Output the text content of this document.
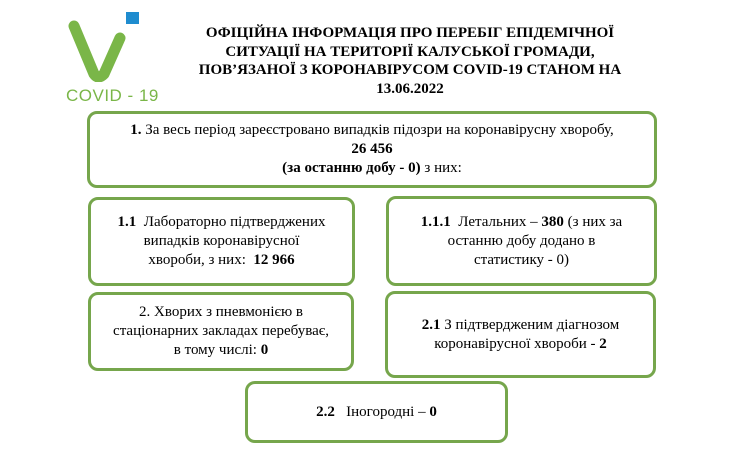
COVID - 19
ОФІЦІЙНА ІНФОРМАЦІЯ ПРО ПЕРЕБІГ ЕПІДЕМІЧНОЇ
СИТУАЦІЇ НА ТЕРИТОРІЇ КАЛУСЬКОЇ ГРОМАДИ,
ПОВ’ЯЗАНОЇ З КОРОНАВІРУСОМ COVID-19 СТАНОМ НА
13.06.2022
1. За весь період зареєстровано випадків підозри на коронавірусну хворобу,
26 456
(за останню добу - 0) з них:
1.1 Лабораторно підтверджених
випадків коронавірусної
хвороби, з них: 12 966
1.1.1 Летальних – 380 (з них за
останню добу додано в
статистику - 0)
2. Хворих з пневмонією в
стаціонарних закладах перебуває,
в тому числі: 0
2.1 З підтвердженим діагнозом
коронавірусної хвороби - 2
2.2 Іногородні – 0
